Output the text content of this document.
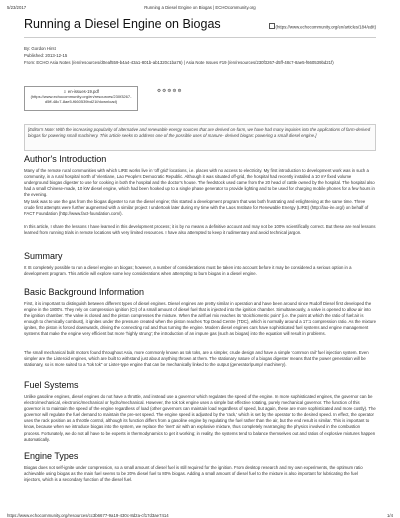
5/23/2017	Running a Diesel Engine on Biogas | ECHOcommunity.org
Running a Diesel Engine on Biogas	(https://www.echocommunity.org/en/articles/184/edit)
By: Gordon Hirst
Published: 2013-12-15
From: ECHO Asia Notes (/en/resources/d0eaf559-b4a4-43a1-801b-ab1320c1ba76) | Asia Note Issues #19 (/en/resources/230f3267-d5ff-48c7-8ae5-f660539bd21f)
⇩ en-issues-19.pdf
(https://www.echocommunity.org/en/resources/230f3267-
d5ff-48c7-8ae5-f660539bd21f/download)
⚙⚙⚙⚙⚙
[Editor's Note: With the increasing popularity of alternative and renewable energy sources that are derived on-farm, we have had many inquiries into the applications of farm-derived biogas for powering small machinery. This article seeks to address one of the possible uses of manure- derived biogas: powering a small diesel engine.]
Author's Introduction
Many of the remote rural communities with which LIRE works live in 'off grid' locations, i.e. places with no access to electricity. My first introduction to development work was in such a community, in a rural hospital north of Vientiane, Lao People's Democratic Republic. Although it was situated off-grid, the hospital had recently installed a 10 m³ fixed volume underground biogas digester to use for cooking in both the hospital and the doctor's house. The feedstock used came from the 20 head of cattle owned by the hospital. The hospital also had a small Chinese-made, 10 kW diesel engine, which had been hooked up to a single phase generator to provide lighting and to be used for charging mobile phones for a few hours in the evening.
My task was to use the gas from the biogas digester to run the diesel engine; this started a development program that was both frustrating and enlightening at the same time. Three crude first attempts were further augmented with a similar project I undertook later during my time with the Laos Institute for Renewable Energy (LIRE) (http://lao-ire.org/) on behalf of FACT Foundation (http://www.fact-foundation.com/).
In this article, I share the lessons I have learned in this development process; it is by no means a definitive account and may not be 100% scientifically correct. But these are real lessons learned from running trials in remote locations with very limited resources. I have also attempted to keep it rudimentary and avoid technical jargon.
Summary
It IS completely possible to run a diesel engine on biogas; however, a number of considerations must be taken into account before it may be considered a serious option in a development program. This article will explore some key considerations when attempting to burn biogas in a diesel engine.
Basic Background Information
First, it is important to distinguish between different types of diesel engines. Diesel engines are pretty similar in operation and have been around since Rudolf Diesel first developed the engine in the 1800's. They rely on compression ignition (CI) of a small amount of diesel fuel that is injected into the ignition chamber. Simultaneously, a valve is opened to allow air into the ignition chamber. The valve is closed and the piston compresses the mixture. When the air/fuel mix reaches its 'stoichiometric point' (i.e. the point at which the ratio of fuel:air is enough to chemically combust), it ignites under the pressure created when the piston reaches Top Dead Centre (TDC), which is normally around a 17:1 compression ratio. As the mixture ignites, the piston is forced downwards, driving the connecting rod and thus turning the engine. Modern diesel engines cars have sophisticated fuel systems and engine management systems that make the engine very efficient but more 'highly strung'; the introduction of an impure gas (such as biogas) into the equation will result in problems.
The small mechanical bulit motors found throughout Asia, more commonly known as tok toks, are a simpler, crude design and have a simple 'common rail' fuel injection system. Even simpler are the Listeroid engines, which are built to withstand just about anything thrown at them. The stationary nature of a biogas digester means that the power generation will be stationary, so is more suited to a "tok tok" or Lister-type engine that can be mechanically linked to the output (generator/pump/ machinery).
Fuel Systems
Unlike gasoline engines, diesel engines do not have a throttle, and instead use a governor which regulates the speed of the engine. In more sophisticated engines, the governor can be electro/mechanical, electronic/mechanical or hydro/mechanical. However, the tok tok engine uses a simple but effective rotating, purely mechanical governor. The function of this governor is to maintain the speed of the engine regardless of load (other governors can maintain load regardless of speed, but again, these are more sophisticated and more costly). The governor will regulate the fuel demand to maintain the pre-set speed. The engine speed is adjusted by the 'rack,' which is set by the operator to the desired speed. In effect, the operator uses the rack position as a throttle control, although its function differs from a gasoline engine by regulating the fuel rather than the air, but the end result is similar. This is important to know, because when we introduce biogas into the system, we replace the 'inert' air with an explosive mixture, thus completely rearranging the physics involved in the combustion process. Fortunately, we do not all have to be experts in thermodynamics to get it working; in reality, the systems tend to balance themselves out and ratios of explosive mixtures happen automatically.
Engine Types
Biogas does not self-ignite under compression, so a small amount of diesel fuel is still required for the ignition. From desktop research and my own experiments, the optimum ratio achievable using biogas as the main fuel seems to be 20% diesel fuel to 80% biogas. Adding a small amount of diesel fuel to the mixture is also important for lubricating the fuel injectors, which is a secondary function of the diesel fuel.
https://www.echocommunity.org/resources/cc3b6677-9a19-430c-8d2a-cf17d3ae7414	1/4
